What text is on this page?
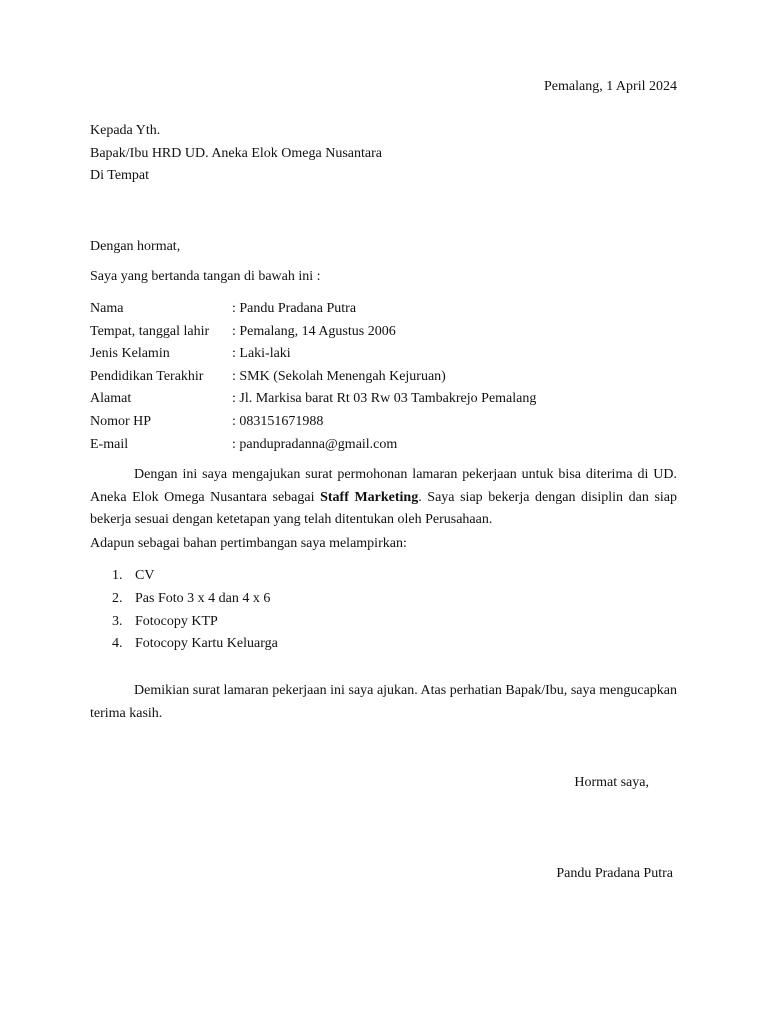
Pemalang, 1 April 2024
Kepada Yth.
Bapak/Ibu HRD UD. Aneka Elok Omega Nusantara
Di Tempat
Dengan hormat,
Saya yang bertanda tangan di bawah ini :
Nama	: Pandu Pradana Putra
Tempat, tanggal lahir : Pemalang, 14 Agustus 2006
Jenis Kelamin	: Laki-laki
Pendidikan Terakhir : SMK (Sekolah Menengah Kejuruan)
Alamat	: Jl. Markisa barat Rt 03 Rw 03 Tambakrejo Pemalang
Nomor HP	: 083151671988
E-mail	: pandupradanna@gmail.com
Dengan ini saya mengajukan surat permohonan lamaran pekerjaan untuk bisa diterima di UD. Aneka Elok Omega Nusantara sebagai Staff Marketing. Saya siap bekerja dengan disiplin dan siap bekerja sesuai dengan ketetapan yang telah ditentukan oleh Perusahaan.
Adapun sebagai bahan pertimbangan saya melampirkan:
1. CV
2. Pas Foto 3 x 4 dan 4 x 6
3. Fotocopy KTP
4. Fotocopy Kartu Keluarga
Demikian surat lamaran pekerjaan ini saya ajukan. Atas perhatian Bapak/Ibu, saya mengucapkan terima kasih.
Hormat saya,
Pandu Pradana Putra
